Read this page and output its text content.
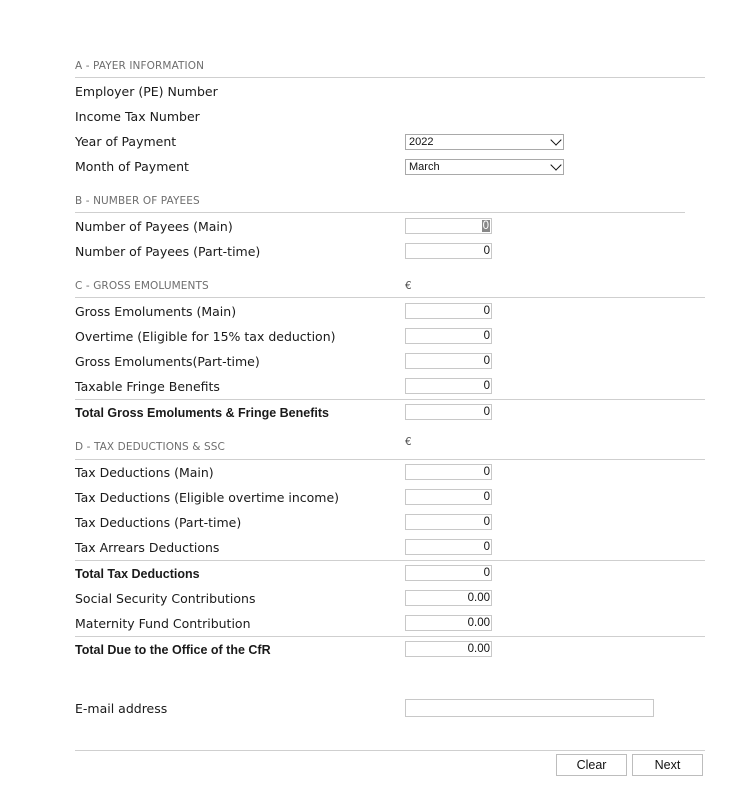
A - PAYER INFORMATION
Employer (PE) Number
Income Tax Number
Year of Payment	2022
Month of Payment	March
B - NUMBER OF PAYEES
Number of Payees (Main)	0
Number of Payees (Part-time)	0
C - GROSS EMOLUMENTS	€
Gross Emoluments (Main)	0
Overtime (Eligible for 15% tax deduction)	0
Gross Emoluments(Part-time)	0
Taxable Fringe Benefits	0
Total Gross Emoluments & Fringe Benefits	0
D - TAX DEDUCTIONS & SSC	€
Tax Deductions (Main)	0
Tax Deductions (Eligible overtime income)	0
Tax Deductions (Part-time)	0
Tax Arrears Deductions	0
Total Tax Deductions	0
Social Security Contributions	0.00
Maternity Fund Contribution	0.00
Total Due to the Office of the CfR	0.00
E-mail address
Clear	Next
